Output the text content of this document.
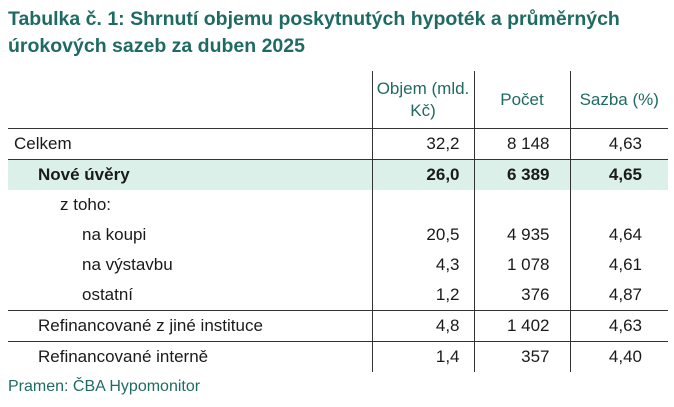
Tabulka č. 1: Shrnutí objemu poskytnutých hypoték a průměrných úrokových sazeb za duben 2025
	Objem (mld. Kč)	Počet	Sazba (%)
Celkem	32,2	8 148	4,63
Nové úvěry	26,0	6 389	4,65
z toho:			
na koupi	20,5	4 935	4,64
na výstavbu	4,3	1 078	4,61
ostatní	1,2	376	4,87
Refinancované z jiné instituce	4,8	1 402	4,63
Refinancované interně	1,4	357	4,40
Pramen: ČBA Hypomonitor
